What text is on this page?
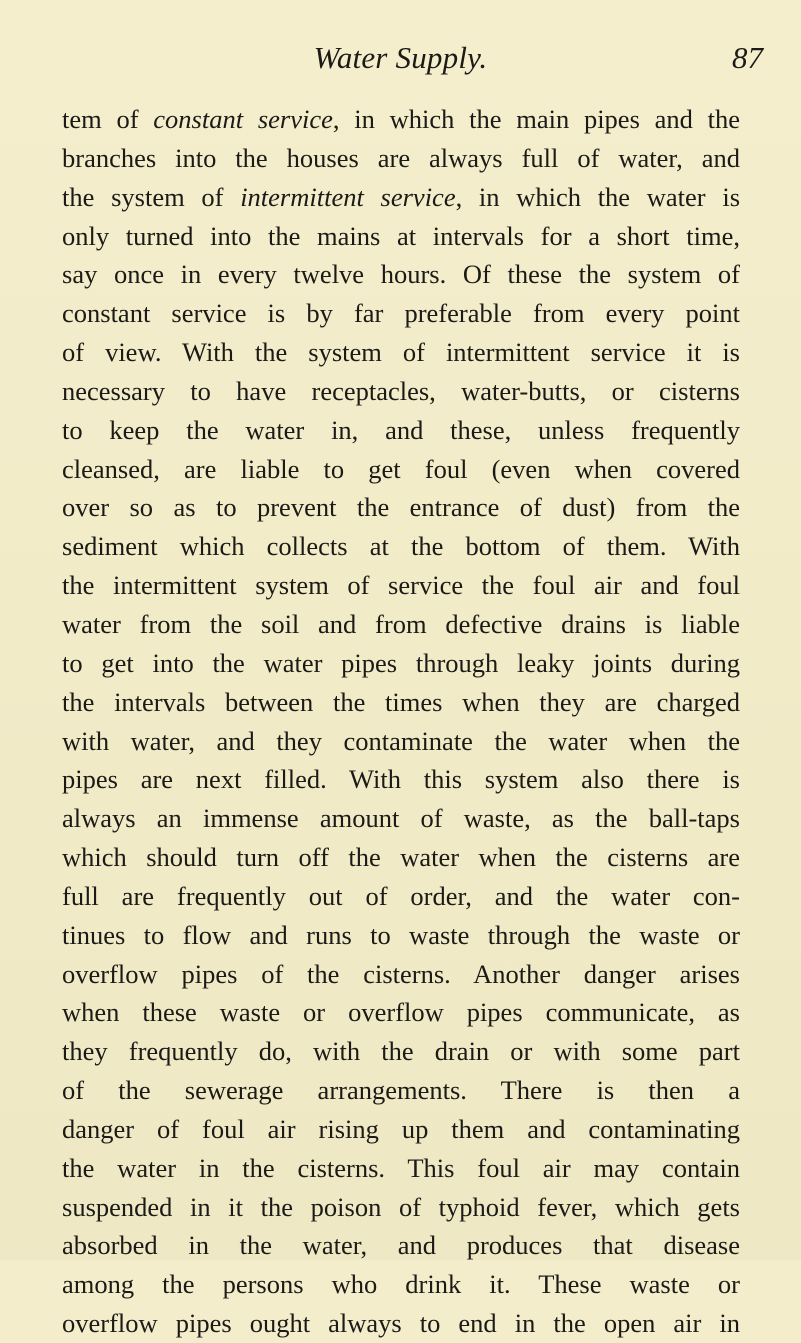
Water Supply.	87
tem of constant service, in which the main pipes and the
branches into the houses are always full of water, and
the system of intermittent service, in which the water is
only turned into the mains at intervals for a short time,
say once in every twelve hours. Of these the system of
constant service is by far preferable from every point
of view. With the system of intermittent service it is
necessary to have receptacles, water-butts, or cisterns
to keep the water in, and these, unless frequently
cleansed, are liable to get foul (even when covered
over so as to prevent the entrance of dust) from the
sediment which collects at the bottom of them. With
the intermittent system of service the foul air and foul
water from the soil and from defective drains is liable
to get into the water pipes through leaky joints during
the intervals between the times when they are charged
with water, and they contaminate the water when the
pipes are next filled. With this system also there is
always an immense amount of waste, as the ball-taps
which should turn off the water when the cisterns are
full are frequently out of order, and the water con-
tinues to flow and runs to waste through the waste or
overflow pipes of the cisterns. Another danger arises
when these waste or overflow pipes communicate, as
they frequently do, with the drain or with some part
of the sewerage arrangements. There is then a
danger of foul air rising up them and contaminating
the water in the cisterns. This foul air may contain
suspended in it the poison of typhoid fever, which gets
absorbed in the water, and produces that disease
among the persons who drink it. These waste or
overflow pipes ought always to end in the open air in
